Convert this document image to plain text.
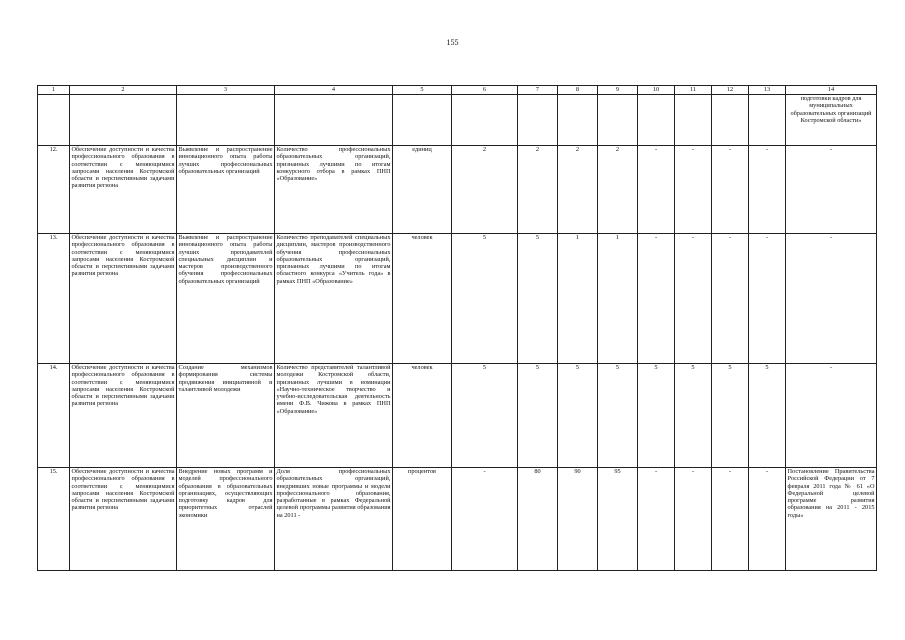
155
1	2	3	4	5	6	7	8	9	10	11	12	13	14
													подготовки кадров для муниципальных образовательных организаций Костромской области»
12.	Обеспечение доступности и качества профессионального образования в соответствии с меняющимися запросами населения Костромской области и перспективными задачами развития региона	Выявление и распространение инновационного опыта работы лучших профессиональных образовательных организаций	Количество профессиональных образовательных организаций, признанных лучшими по итогам конкурсного отбора в рамках ПНП «Образование»	единиц	2	2	2	2	-	-	-	-	-
13.	Обеспечение доступности и качества профессионального образования в соответствии с меняющимися запросами населения Костромской области и перспективными задачами развития региона	Выявление и распространение инновационного опыта работы лучших преподавателей специальных дисциплин и мастеров производственного обучения профессиональных образовательных организаций	Количество преподавателей специальных дисциплин, мастеров производственного обучения профессиональных образовательных организаций, признанных лучшими по итогам областного конкурса «Учитель года» в рамках ПНП «Образование»	человек	5	5	1	1	-	-	-	-	-
14.	Обеспечение доступности и качества профессионального образования в соответствии с меняющимися запросами населения Костромской области и перспективными задачами развития региона	Создание механизмов формирования системы продвижения инициативной и талантливой молодежи	Количество представителей талантливой молодежи Костромской области, признанных лучшими в номинации «Научно-техническое творчество и учебно-исследовательская деятельность имени Ф.В. Чижова в рамках ПНП «Образование»	человек	5	5	5	5	5	5	5	5	-
15.	Обеспечение доступности и качества профессионального образования в соответствии с меняющимися запросами населения Костромской области и перспективными задачами развития региона	Внедрение новых программ и моделей профессионального образования в образовательных организациях, осуществляющих подготовку кадров для приоритетных отраслей экономики	Доля профессиональных образовательных организаций, внедривших новые программы и модели профессионального образования, разработанные в рамках Федеральной целевой программы развития образования на 2011 -	процентов	-	80	90	95	-	-	-	-	Постановление Правительства Российской Федерации от 7 февраля 2011 года № 61 «О Федеральной целевой программе развития образования на 2011 - 2015 годы»
